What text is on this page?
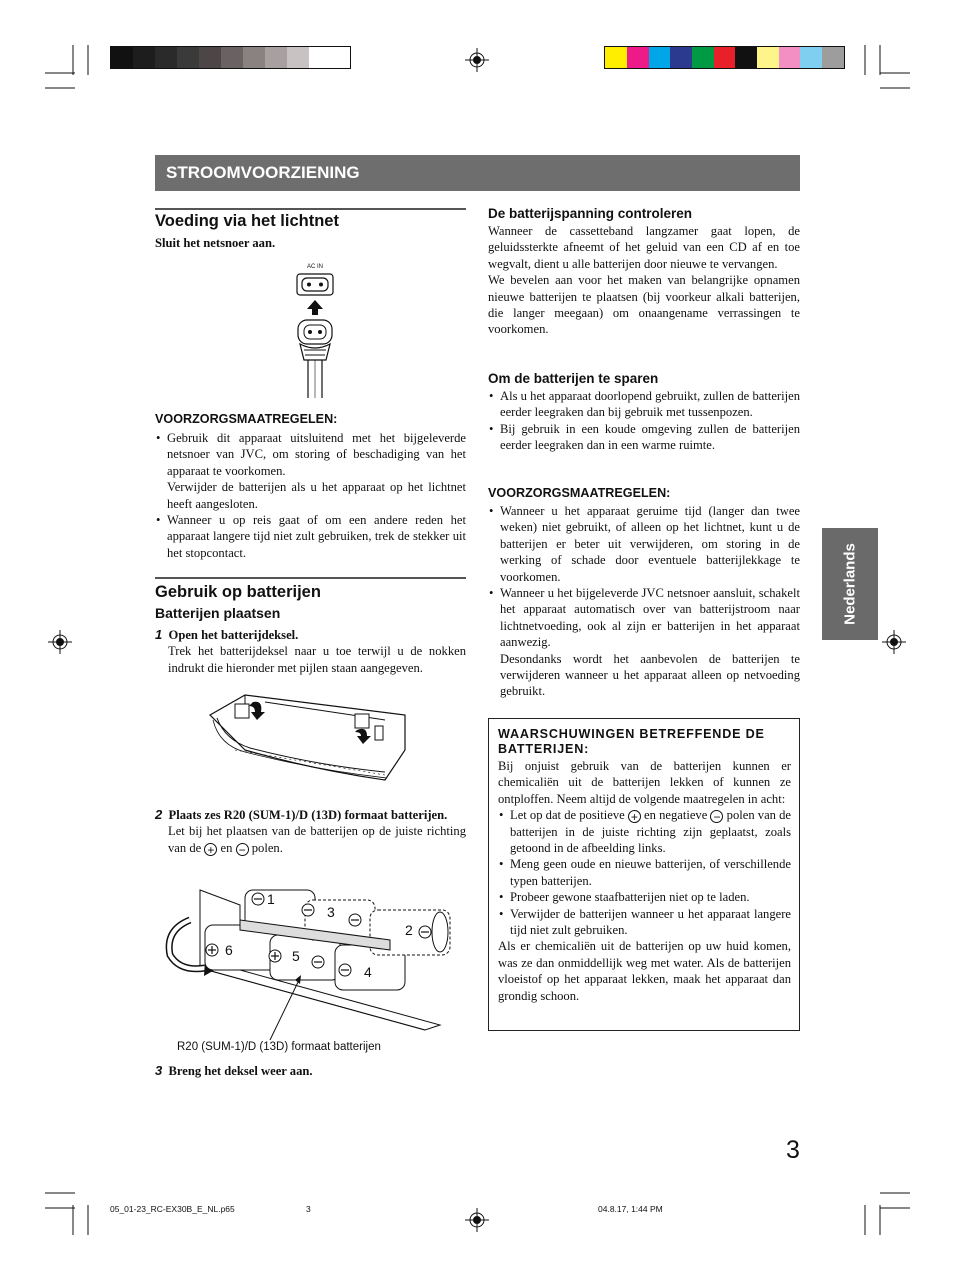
STROOMVOORZIENING
Voeding via het lichtnet
Sluit het netsnoer aan.
AC IN
VOORZORGSMAATREGELEN:

• Gebruik dit apparaat uitsluitend met het bijgeleverde netsnoer van JVC, om storing of beschadiging van het apparaat te voorkomen.

Verwijder de batterijen als u het apparaat op het lichtnet heeft aangesloten.

• Wanneer u op reis gaat of om een andere reden het apparaat langere tijd niet zult gebruiken, trek de stekker uit het stopcontact.
Gebruik op batterijen
Batterijen plaatsen

1 Open het batterijdeksel.

Trek het batterijdeksel naar u toe terwijl u de nokken indrukt die hieronder met pijlen staan aangegeven.

2 Plaats zes R20 (SUM-1)/D (13D) formaat batterijen.

Let bij het plaatsen van de batterijen op de juiste richting van de + en − polen.

1
2
3
4
5
6
R20 (SUM-1)/D (13D) formaat batterijen

3 Breng het deksel weer aan.

De batterijspanning controleren

Wanneer de cassetteband langzamer gaat lopen, de geluidssterkte afneemt of het geluid van een CD af en toe wegvalt, dient u alle batterijen door nieuwe te vervangen.

We bevelen aan voor het maken van belangrijke opnamen nieuwe batterijen te plaatsen (bij voorkeur alkali batterijen, die langer meegaan) om onaangename verrassingen te voorkomen.

Om de batterijen te sparen
• Als u het apparaat doorlopend gebruikt, zullen de batterijen eerder leegraken dan bij gebruik met tussenpozen.
• Bij gebruik in een koude omgeving zullen de batterijen eerder leegraken dan in een warme ruimte.
VOORZORGSMAATREGELEN:
• Wanneer u het apparaat geruime tijd (langer dan twee weken) niet gebruikt, of alleen op het lichtnet, kunt u de batterijen er beter uit verwijderen, om storing in de werking of schade door eventuele batterijlekkage te voorkomen.

• Wanneer u het bijgeleverde JVC netsnoer aansluit, schakelt het apparaat automatisch over van batterijstroom naar lichtnetvoeding, ook al zijn er batterijen in het apparaat aanwezig.

Desondanks wordt het aanbevolen de batterijen te verwijderen wanneer u het apparaat alleen op netvoeding gebruikt.

WAARSCHUWINGEN BETREFFENDE DE BATTERIJEN:

Bij onjuist gebruik van de batterijen kunnen er chemicaliën uit de batterijen lekken of kunnen ze ontploffen. Neem altijd de volgende maatregelen in acht:

• Let op dat de positieve + en negatieve − polen van de batterijen in de juiste richting zijn geplaatst, zoals getoond in de afbeelding links.
• Meng geen oude en nieuwe batterijen, of verschillende typen batterijen.
• Probeer gewone staafbatterijen niet op te laden.
• Verwijder de batterijen wanneer u het apparaat langere tijd niet zult gebruiken.

Als er chemicaliën uit de batterijen op uw huid komen, was ze dan onmiddellijk weg met water. Als de batterijen vloeistof op het apparaat lekken, maak het apparaat dan grondig schoon.

Nederlands
3
05_01-23_RC-EX30B_E_NL.p65	3	04.8.17, 1:44 PM
